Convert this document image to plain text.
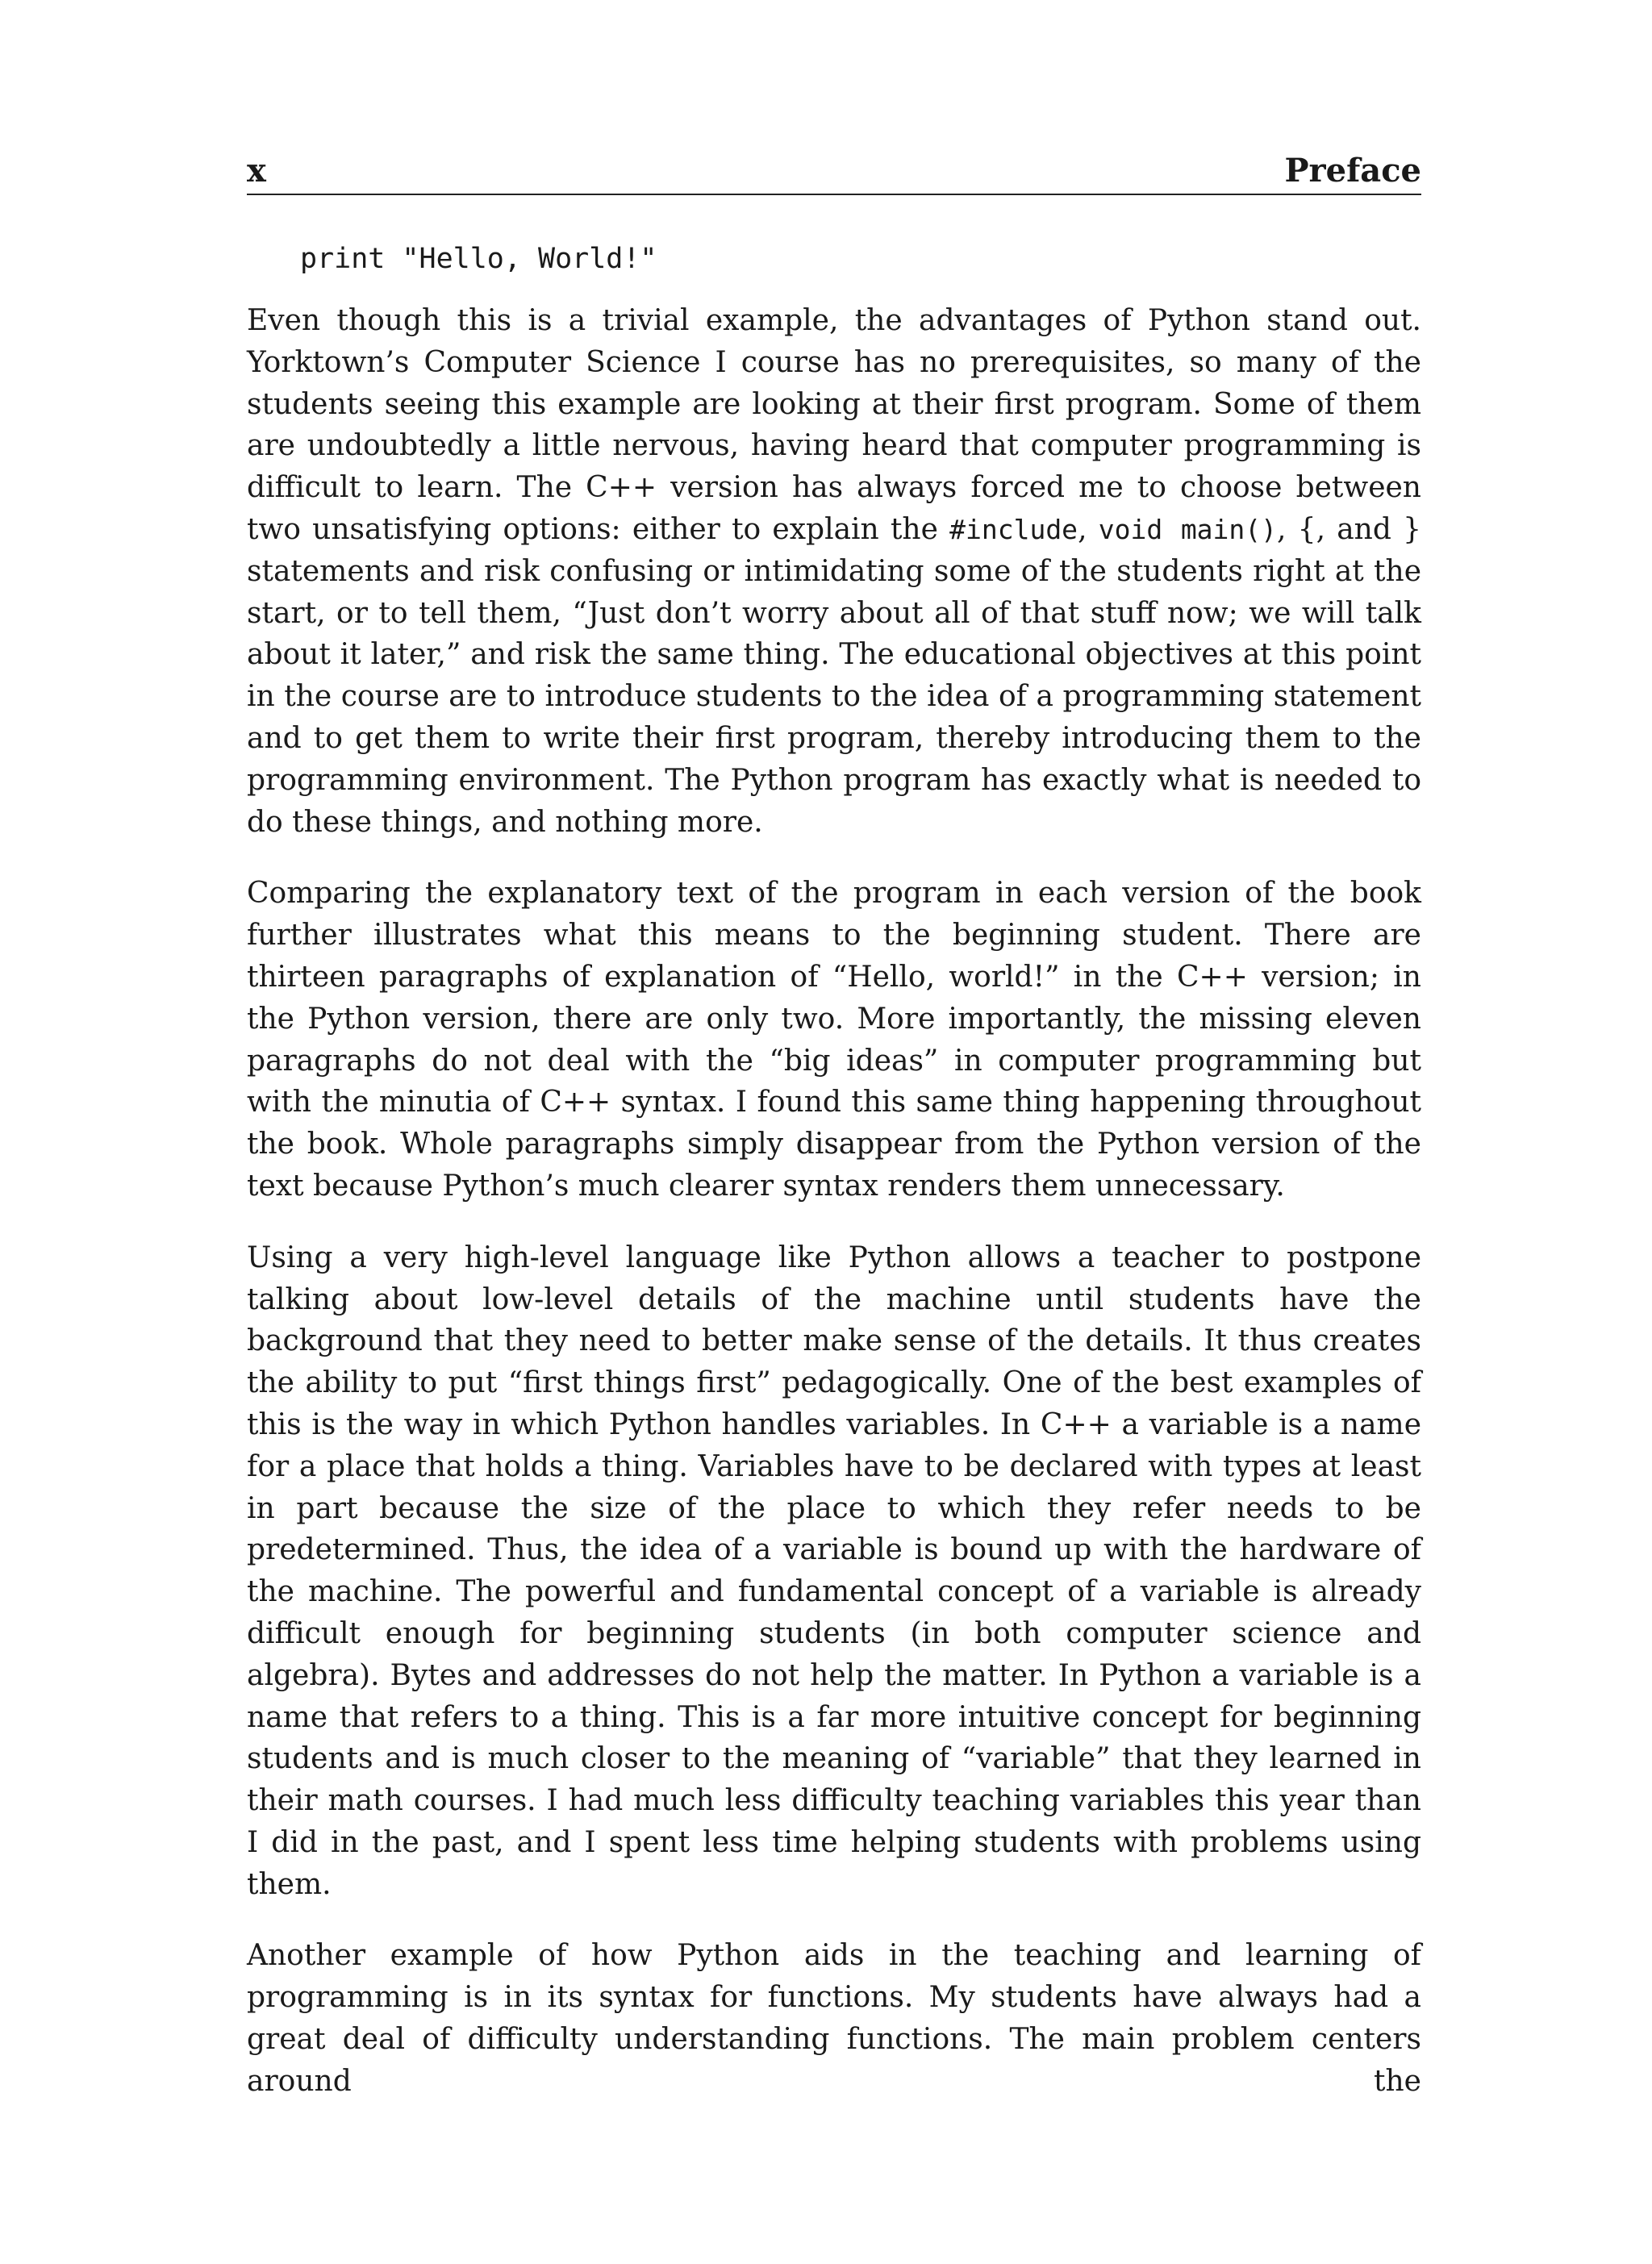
x	Preface
print "Hello, World!"

Even though this is a trivial example, the advantages of Python stand out. Yorktown’s Computer Science I course has no prerequisites, so many of the students seeing this example are looking at their first program. Some of them are undoubtedly a little nervous, having heard that computer programming is difficult to learn. The C++ version has always forced me to choose between two unsatisfying options: either to explain the #include, void main(), {, and } statements and risk confusing or intimidating some of the students right at the start, or to tell them, “Just don’t worry about all of that stuff now; we will talk about it later,” and risk the same thing. The educational objectives at this point in the course are to introduce students to the idea of a programming statement and to get them to write their first program, thereby introducing them to the programming environment. The Python program has exactly what is needed to do these things, and nothing more.

Comparing the explanatory text of the program in each version of the book further illustrates what this means to the beginning student. There are thirteen paragraphs of explanation of “Hello, world!” in the C++ version; in the Python version, there are only two. More importantly, the missing eleven paragraphs do not deal with the “big ideas” in computer programming but with the minutia of C++ syntax. I found this same thing happening throughout the book. Whole paragraphs simply disappear from the Python version of the text because Python’s much clearer syntax renders them unnecessary.

Using a very high-level language like Python allows a teacher to postpone talking about low-level details of the machine until students have the background that they need to better make sense of the details. It thus creates the ability to put “first things first” pedagogically. One of the best examples of this is the way in which Python handles variables. In C++ a variable is a name for a place that holds a thing. Variables have to be declared with types at least in part because the size of the place to which they refer needs to be predetermined. Thus, the idea of a variable is bound up with the hardware of the machine. The powerful and fundamental concept of a variable is already difficult enough for beginning students (in both computer science and algebra). Bytes and addresses do not help the matter. In Python a variable is a name that refers to a thing. This is a far more intuitive concept for beginning students and is much closer to the meaning of “variable” that they learned in their math courses. I had much less difficulty teaching variables this year than I did in the past, and I spent less time helping students with problems using them.

Another example of how Python aids in the teaching and learning of programming is in its syntax for functions. My students have always had a great deal of difficulty understanding functions. The main problem centers around the
